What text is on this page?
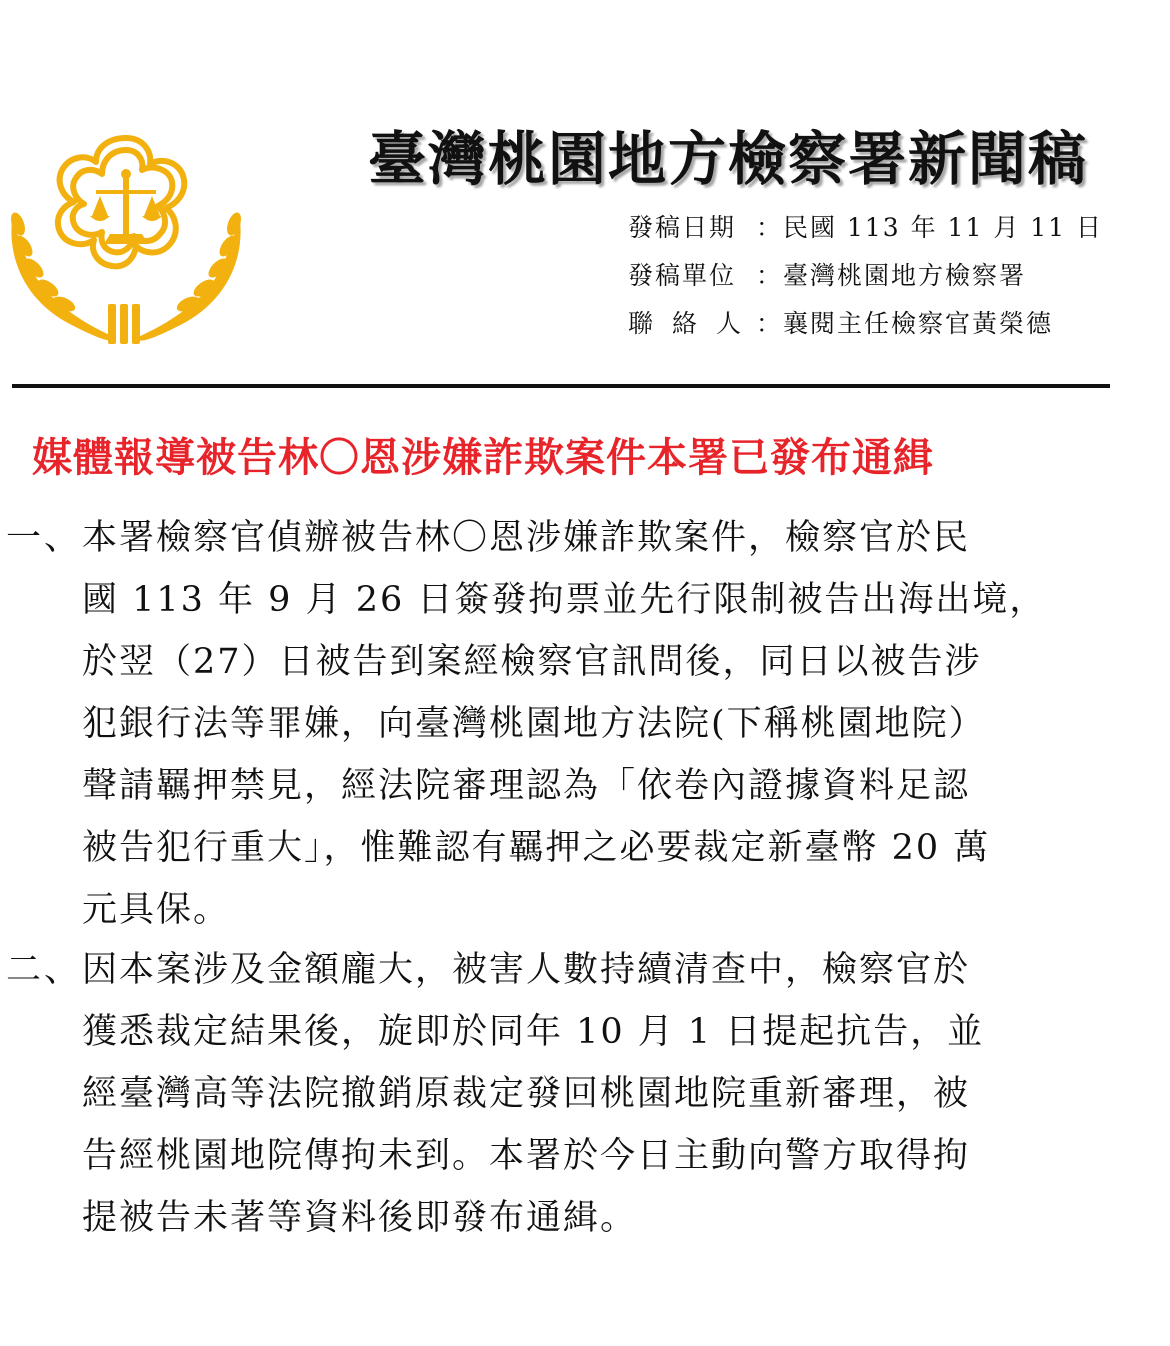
臺灣桃園地方檢察署新聞稿
發稿日期 ：民國 113 年 11 月 11 日
發稿單位 ：臺灣桃園地方檢察署
聯絡人
：襄閱主任檢察官黃榮德
媒體報導被告林〇恩涉嫌詐欺案件本署已發布通緝
一、 本署檢察官偵辦被告林〇恩涉嫌詐欺案件，檢察官於民
國 113 年 9 月 26 日簽發拘票並先行限制被告出海出境，
於翌（27）日被告到案經檢察官訊問後，同日以被告涉
犯銀行法等罪嫌，向臺灣桃園地方法院(下稱桃園地院）
聲請羈押禁見，經法院審理認為「依卷內證據資料足認
被告犯行重大」，惟難認有羈押之必要裁定新臺幣 20 萬
元具保。
二、 因本案涉及金額龐大，被害人數持續清查中，檢察官於
獲悉裁定結果後，旋即於同年 10 月 1 日提起抗告，並
經臺灣高等法院撤銷原裁定發回桃園地院重新審理，被
告經桃園地院傳拘未到。本署於今日主動向警方取得拘
提被告未著等資料後即發布通緝。
